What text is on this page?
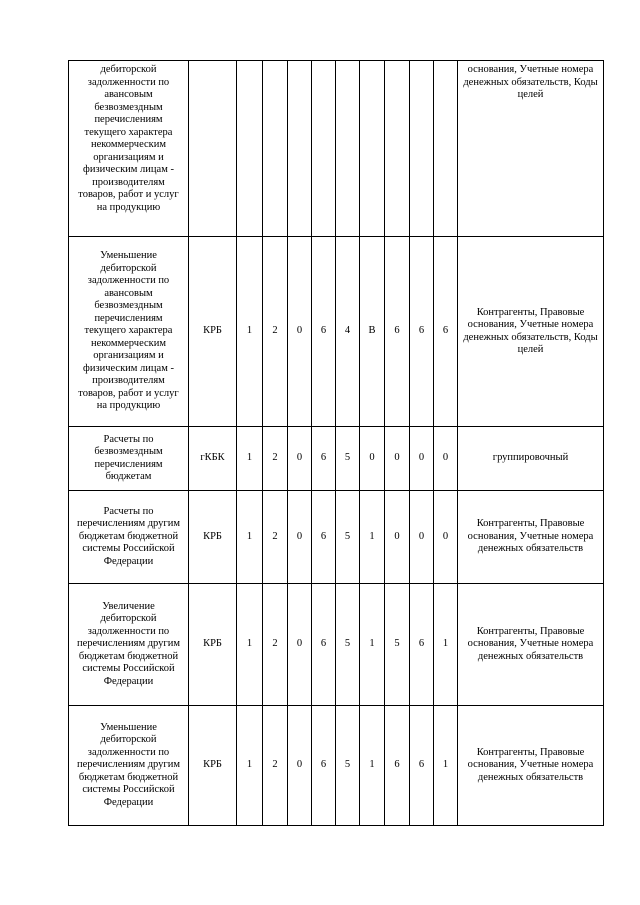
дебиторской задолженности по авансовым безвозмездным перечислениям текущего характера некоммерческим организациям и физическим лицам - производителям товаров, работ и услуг на продукцию											основания, Учетные номера денежных обязательств, Коды целей
Уменьшение дебиторской задолженности по авансовым безвозмездным перечислениям текущего характера некоммерческим организациям и физическим лицам - производителям товаров, работ и услуг на продукцию	КРБ	1	2	0	6	4	В	6	6	6	Контрагенты, Правовые основания, Учетные номера денежных обязательств, Коды целей
Расчеты по безвозмездным перечислениям бюджетам	гКБК	1	2	0	6	5	0	0	0	0	группировочный
Расчеты по перечислениям другим бюджетам бюджетной системы Российской Федерации	КРБ	1	2	0	6	5	1	0	0	0	Контрагенты, Правовые основания, Учетные номера денежных обязательств
Увеличение дебиторской задолженности по перечислениям другим бюджетам бюджетной системы Российской Федерации	КРБ	1	2	0	6	5	1	5	6	1	Контрагенты, Правовые основания, Учетные номера денежных обязательств
Уменьшение дебиторской задолженности по перечислениям другим бюджетам бюджетной системы Российской Федерации	КРБ	1	2	0	6	5	1	6	6	1	Контрагенты, Правовые основания, Учетные номера денежных обязательств
